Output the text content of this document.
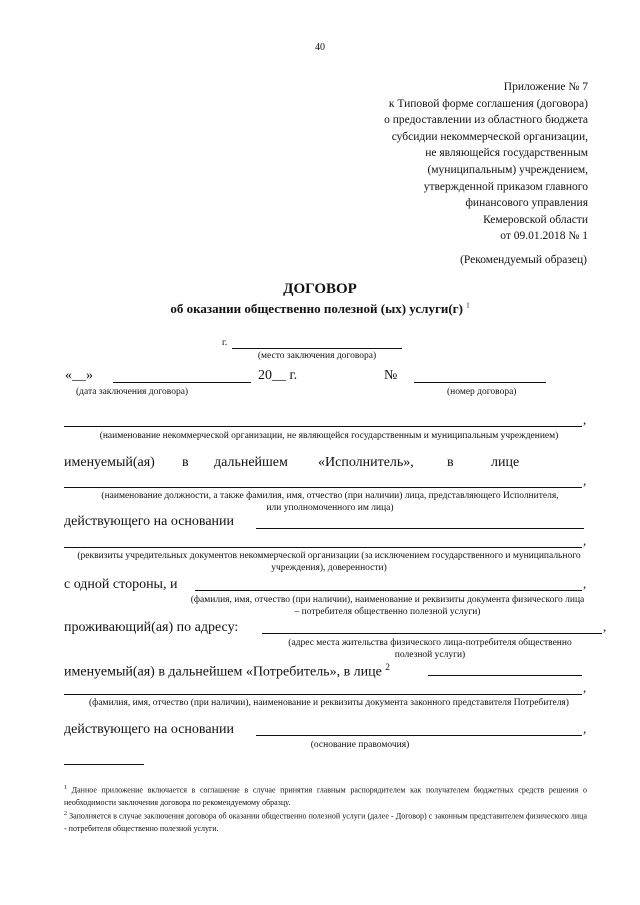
40
Приложение № 7
к Типовой форме соглашения (договора)
о предоставлении из областного бюджета
субсидии некоммерческой организации,
не являющейся государственным
(муниципальным) учреждением,
утвержденной приказом главного
финансового управления
Кемеровской области
от 09.01.2018 № 1
(Рекомендуемый образец)
ДОГОВОР
об оказании общественно полезной (ых) услуги(г) $^1$
г.
(место заключения договора)
«__»	20__ г.	№
(дата заключения договора)	(номер договора)
,
(наименование некоммерческой организации, не являющейся государственным и муниципальным учреждением)
именуемый(ая) в дальнейшем «Исполнитель», в	лице
,
(наименование должности, а также фамилия, имя, отчество (при наличии) лица, представляющего Исполнителя, или уполномоченного им лица)
действующего на основании
,
(реквизиты учредительных документов некоммерческой организации (за исключением государственного и муниципального учреждения), доверенности)
с одной стороны, и	,
(фамилия, имя, отчество (при наличии), наименование и реквизиты документа физического лица – потребителя общественно полезной услуги)
проживающий(ая) по адресу:	,
(адрес места жительства физического лица-потребителя общественно полезной услуги)
именуемый(ая) в дальнейшем «Потребитель», в лице $^2$
,
(фамилия, имя, отчество (при наличии), наименование и реквизиты документа законного представителя Потребителя)
действующего на основании	,
(основание правомочия)
$^1$ Данное приложение включается в соглашение в случае принятия главным распорядителем как получателем бюджетных средств решения о необходимости заключения договора по рекомендуемому образцу.
$^2$ Заполняется в случае заключения договора об оказании общественно полезной услуги (далее - Договор) с законным представителем физического лица - потребителя общественно полезной услуги.
